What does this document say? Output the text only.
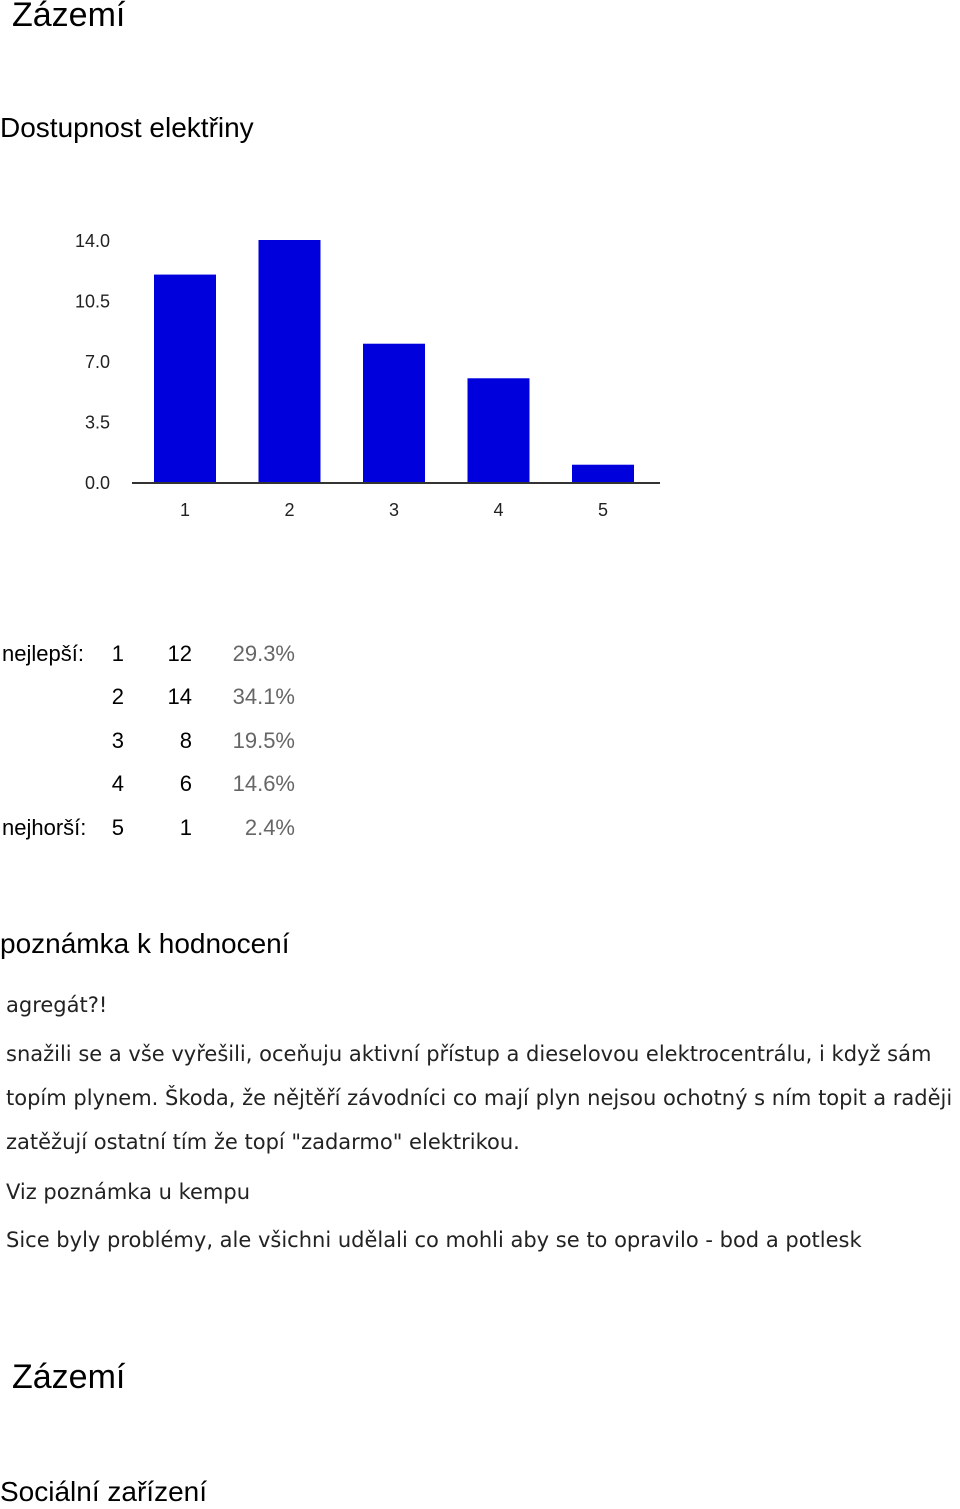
Zázemí
Dostupnost elektřiny
14.0
10.5
7.0
3.5
0.0
1	2	3	4	5
nejlepší:	1	12	29.3%
	2	14	34.1%
	3	8	19.5%
	4	6	14.6%
nejhorší:	5	1	2.4%
poznámka k hodnocení

agregát?!

snažili se a vše vyřešili, oceňuju aktivní přístup a dieselovou elektrocentrálu, i když sám topím plynem. Škoda, že nějtěří závodníci co mají plyn nejsou ochotný s ním topit a raději zatěžují ostatní tím že topí "zadarmo" elektrikou.

Viz poznámka u kempu

Sice byly problémy, ale všichni udělali co mohli aby se to opravilo - bod a potlesk

Zázemí
Sociální zařízení
